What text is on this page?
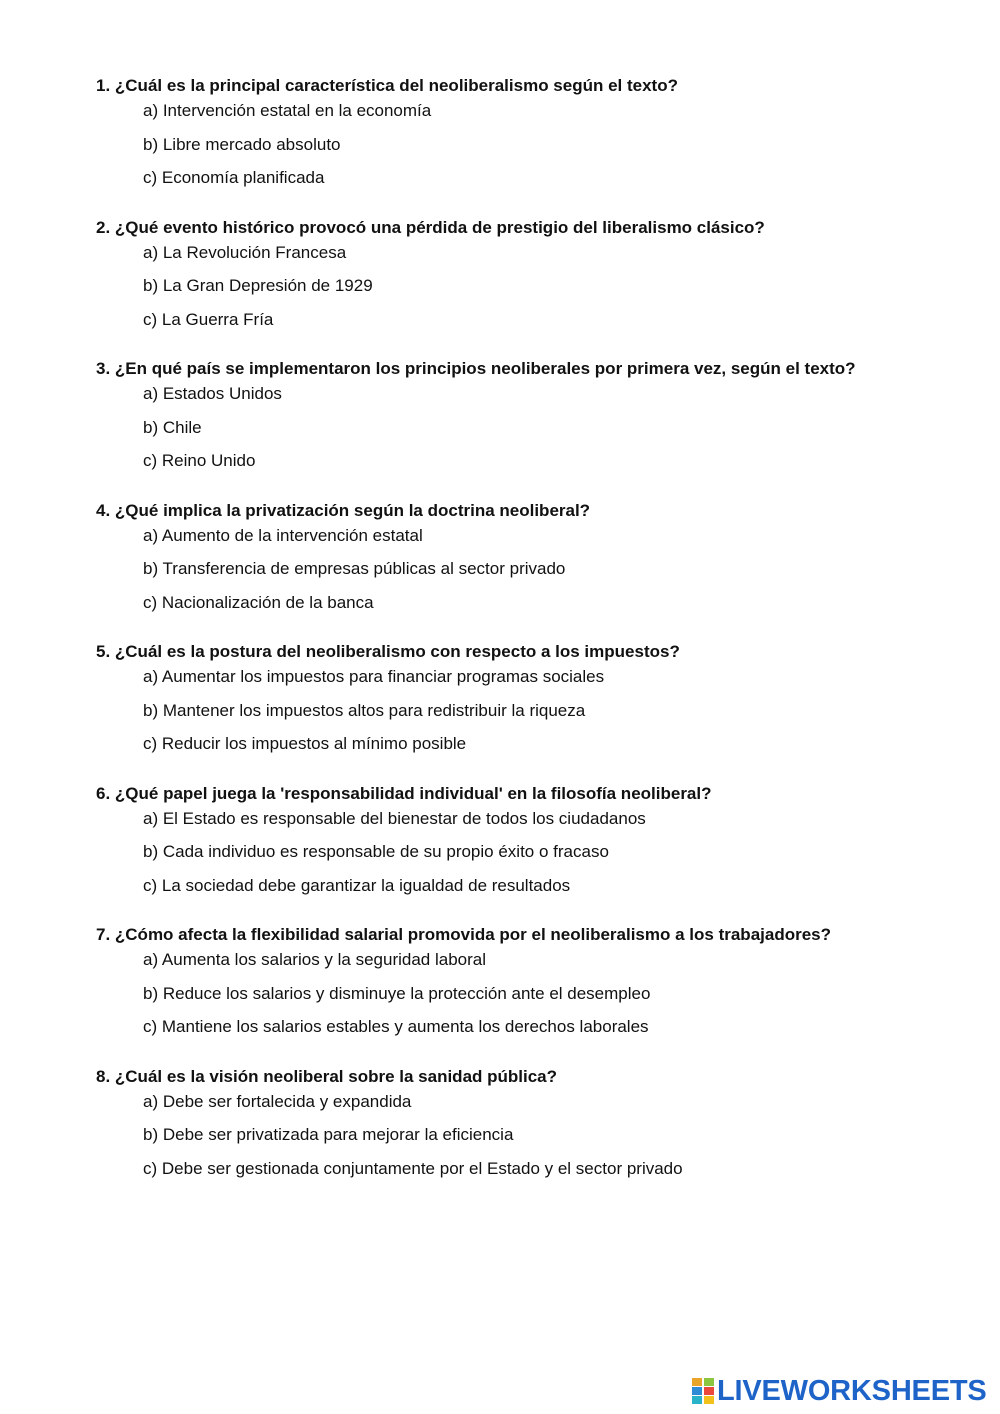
1. ¿Cuál es la principal característica del neoliberalismo según el texto?
a) Intervención estatal en la economía
b) Libre mercado absoluto
c) Economía planificada
2. ¿Qué evento histórico provocó una pérdida de prestigio del liberalismo clásico?
a) La Revolución Francesa
b) La Gran Depresión de 1929
c) La Guerra Fría
3. ¿En qué país se implementaron los principios neoliberales por primera vez, según el texto?
a) Estados Unidos
b) Chile
c) Reino Unido
4. ¿Qué implica la privatización según la doctrina neoliberal?
a) Aumento de la intervención estatal
b) Transferencia de empresas públicas al sector privado
c) Nacionalización de la banca
5. ¿Cuál es la postura del neoliberalismo con respecto a los impuestos?
a) Aumentar los impuestos para financiar programas sociales
b) Mantener los impuestos altos para redistribuir la riqueza
c) Reducir los impuestos al mínimo posible
6. ¿Qué papel juega la 'responsabilidad individual' en la filosofía neoliberal?
a) El Estado es responsable del bienestar de todos los ciudadanos
b) Cada individuo es responsable de su propio éxito o fracaso
c) La sociedad debe garantizar la igualdad de resultados
7. ¿Cómo afecta la flexibilidad salarial promovida por el neoliberalismo a los trabajadores?
a) Aumenta los salarios y la seguridad laboral
b) Reduce los salarios y disminuye la protección ante el desempleo
c) Mantiene los salarios estables y aumenta los derechos laborales
8. ¿Cuál es la visión neoliberal sobre la sanidad pública?
a) Debe ser fortalecida y expandida
b) Debe ser privatizada para mejorar la eficiencia
c) Debe ser gestionada conjuntamente por el Estado y el sector privado
LIVEWORKSHEETS
